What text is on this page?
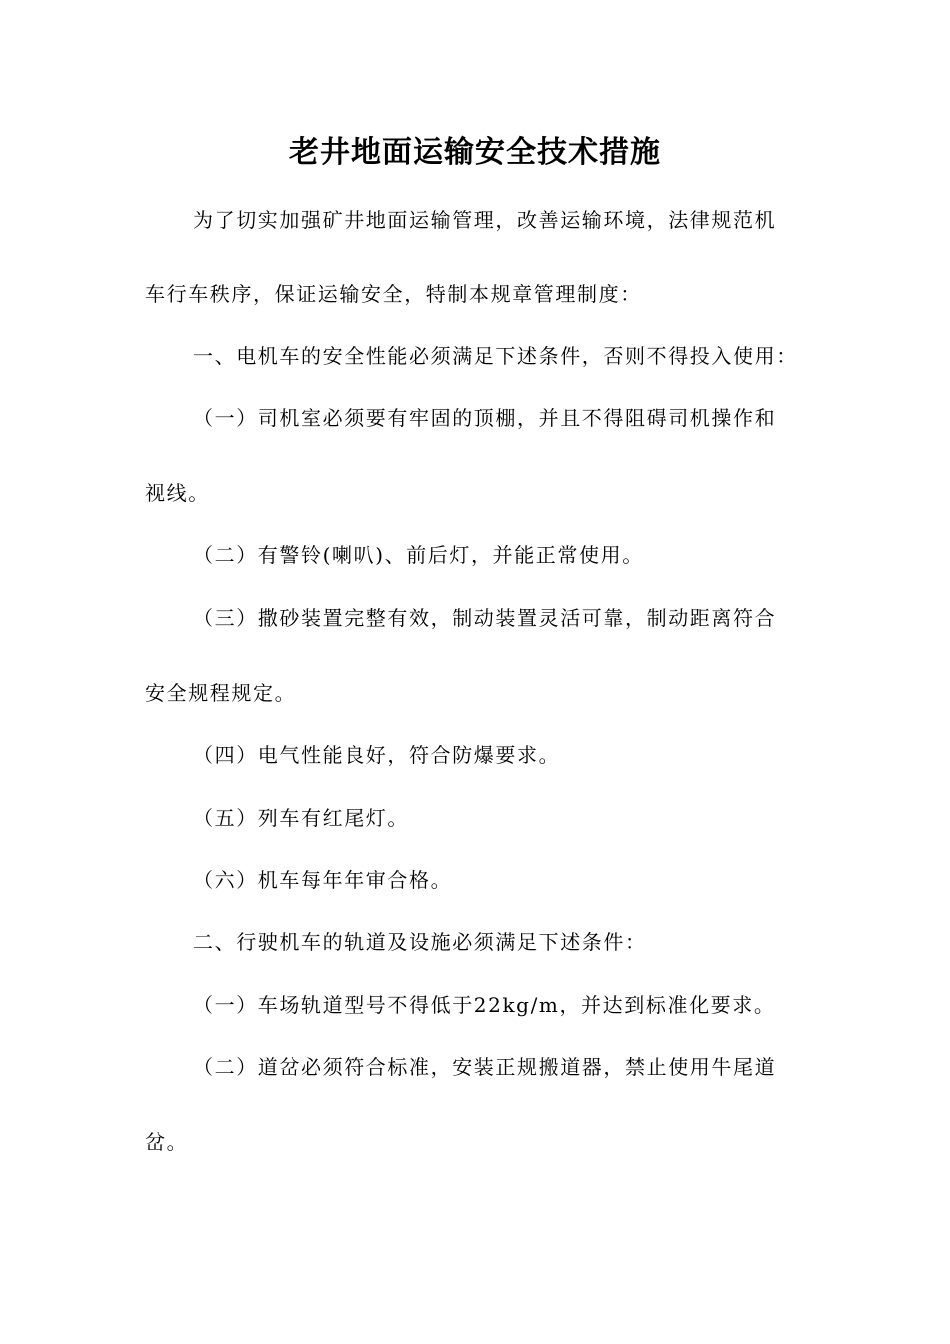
老井地面运输安全技术措施
为了切实加强矿井地面运输管理，改善运输环境，法律规范机
车行车秩序，保证运输安全，特制本规章管理制度：
一、电机车的安全性能必须满足下述条件，否则不得投入使用：
（一）司机室必须要有牢固的顶棚，并且不得阻碍司机操作和
视线。
（二）有警铃(喇叭)、前后灯，并能正常使用。
（三）撒砂装置完整有效，制动装置灵活可靠，制动距离符合
安全规程规定。
（四）电气性能良好，符合防爆要求。
（五）列车有红尾灯。
（六）机车每年年审合格。
二、行驶机车的轨道及设施必须满足下述条件：
（一）车场轨道型号不得低于22kg/m，并达到标准化要求。
（二）道岔必须符合标准，安装正规搬道器，禁止使用牛尾道
岔。
